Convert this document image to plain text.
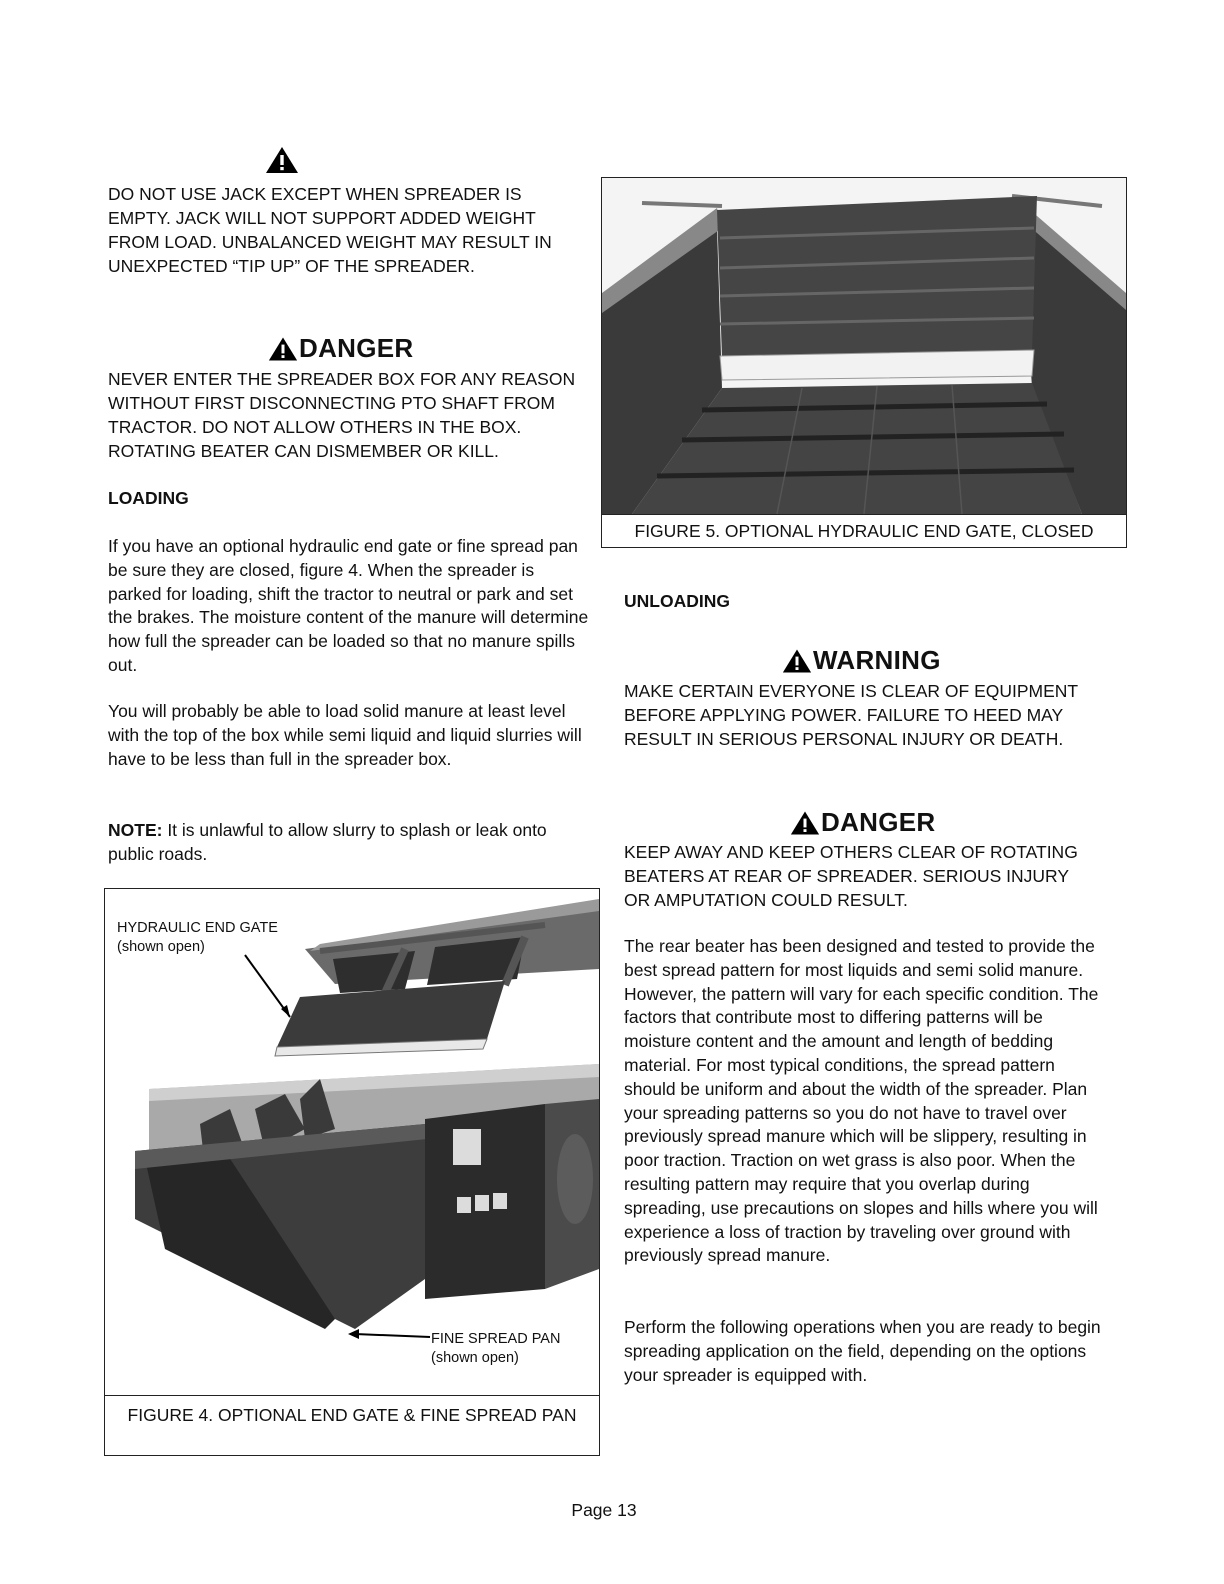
DO NOT USE JACK EXCEPT WHEN SPREADER IS EMPTY. JACK WILL NOT SUPPORT ADDED WEIGHT FROM LOAD. UNBALANCED WEIGHT MAY RESULT IN UNEXPECTED “TIP UP” OF THE SPREADER.

DANGER

NEVER ENTER THE SPREADER BOX FOR ANY REASON WITHOUT FIRST DISCONNECTING PTO SHAFT FROM TRACTOR. DO NOT ALLOW OTHERS IN THE BOX. ROTATING BEATER CAN DISMEMBER OR KILL.

LOADING

If you have an optional hydraulic end gate or fine spread pan be sure they are closed, figure 4. When the spreader is parked for loading, shift the tractor to neutral or park and set the brakes. The moisture content of the manure will determine how full the spreader can be loaded so that no manure spills out.

You will probably be able to load solid manure at least level with the top of the box while semi liquid and liquid slurries will have to be less than full in the spreader box.

NOTE: It is unlawful to allow slurry to splash or leak onto public roads.

HYDRAULIC END GATE
(shown open)
FINE SPREAD PAN
(shown open)
FIGURE 4. OPTIONAL END GATE & FINE SPREAD PAN
FIGURE 5. OPTIONAL HYDRAULIC END GATE, CLOSED

UNLOADING

WARNING

MAKE CERTAIN EVERYONE IS CLEAR OF EQUIPMENT BEFORE APPLYING POWER. FAILURE TO HEED MAY RESULT IN SERIOUS PERSONAL INJURY OR DEATH.

DANGER

KEEP AWAY AND KEEP OTHERS CLEAR OF ROTATING BEATERS AT REAR OF SPREADER. SERIOUS INJURY OR AMPUTATION COULD RESULT.

The rear beater has been designed and tested to provide the best spread pattern for most liquids and semi solid manure. However, the pattern will vary for each specific condition. The factors that contribute most to differing patterns will be moisture content and the amount and length of bedding material. For most typical conditions, the spread pattern should be uniform and about the width of the spreader. Plan your spreading patterns so you do not have to travel over previously spread manure which will be slippery, resulting in poor traction. Traction on wet grass is also poor. When the resulting pattern may require that you overlap during spreading, use precautions on slopes and hills where you will experience a loss of traction by traveling over ground with previously spread manure.

Perform the following operations when you are ready to begin spreading application on the field, depending on the options your spreader is equipped with.

Page 13
